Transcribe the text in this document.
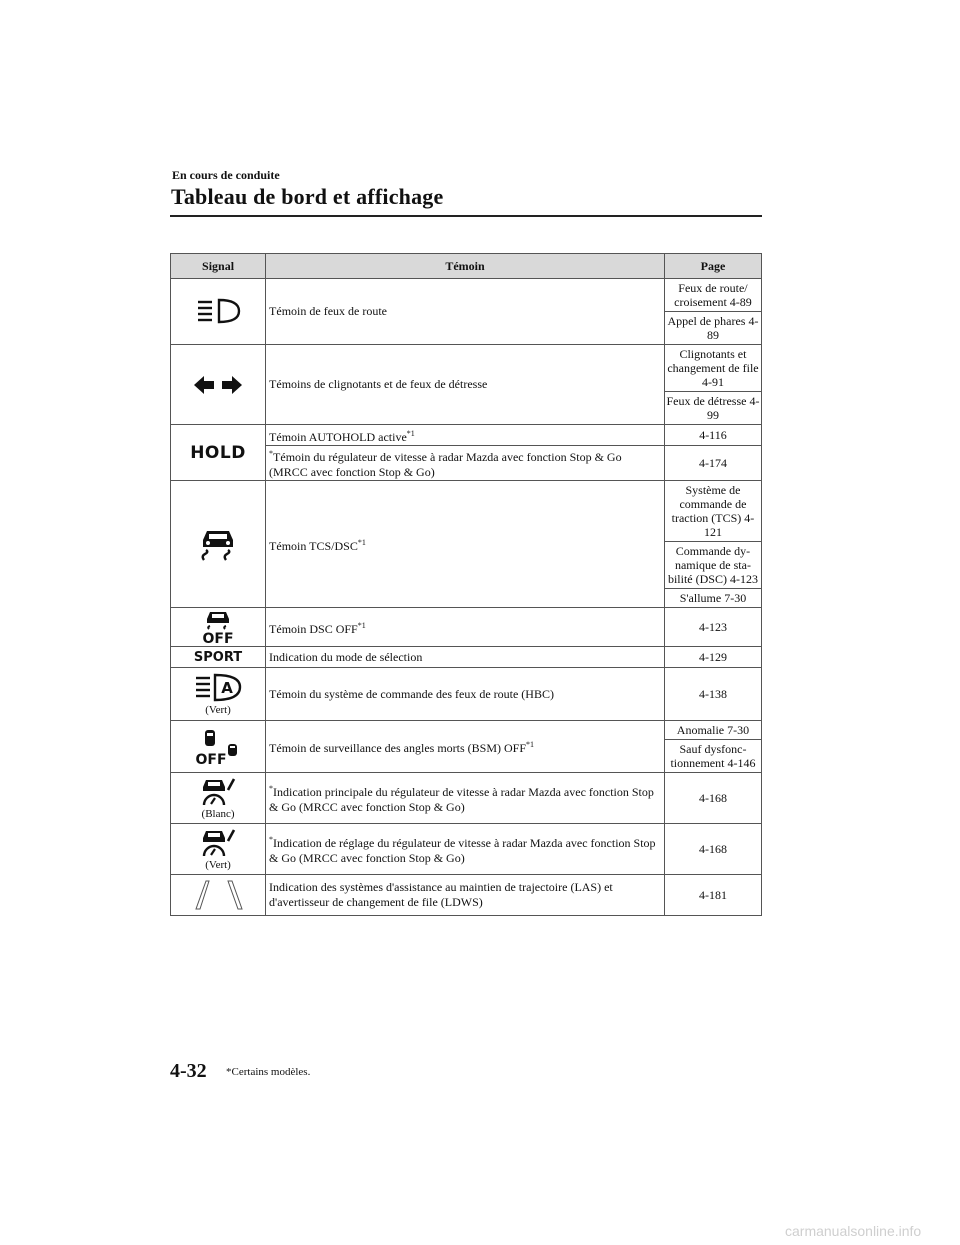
En cours de conduite
Tableau de bord et affichage
Signal	Témoin	Page

	Témoin de feux de route	Feux de route/ croisement 4-89
		Appel de phares 4-89

	Témoins de clignotants et de feux de détresse	Clignotants et changement de file 4-91
		Feux de détresse 4-99

HOLD	Témoin AUTOHOLD active$^{*1}$	4-116
	*Témoin du régulateur de vitesse à radar Mazda avec fonction Stop & Go (MRCC avec fonction Stop & Go)	4-174

	Témoin TCS/DSC$^{*1}$	Système de commande de traction (TCS) 4-121
		Commande dy- namique de sta- bilité (DSC) 4-123
		S'allume 7-30

OFF	Témoin DSC OFF$^{*1}$	4-123

SPORT	Indication du mode de sélection	4-129

A
(Vert)	Témoin du système de commande des feux de route (HBC)	4-138

OFF	Témoin de surveillance des angles morts (BSM) OFF$^{*1}$	Anomalie 7-30
		Sauf dysfonc- tionnement 4-146

(Blanc)	*Indication principale du régulateur de vitesse à radar Mazda avec fonction Stop & Go (MRCC avec fonction Stop & Go)	4-168

(Vert)	*Indication de réglage du régulateur de vitesse à radar Mazda avec fonction Stop & Go (MRCC avec fonction Stop & Go)	4-168

	Indication des systèmes d'assistance au maintien de trajectoire (LAS) et d'avertisseur de changement de file (LDWS)	4-181
4-32 *Certains modèles.
carmanualsonline.info
